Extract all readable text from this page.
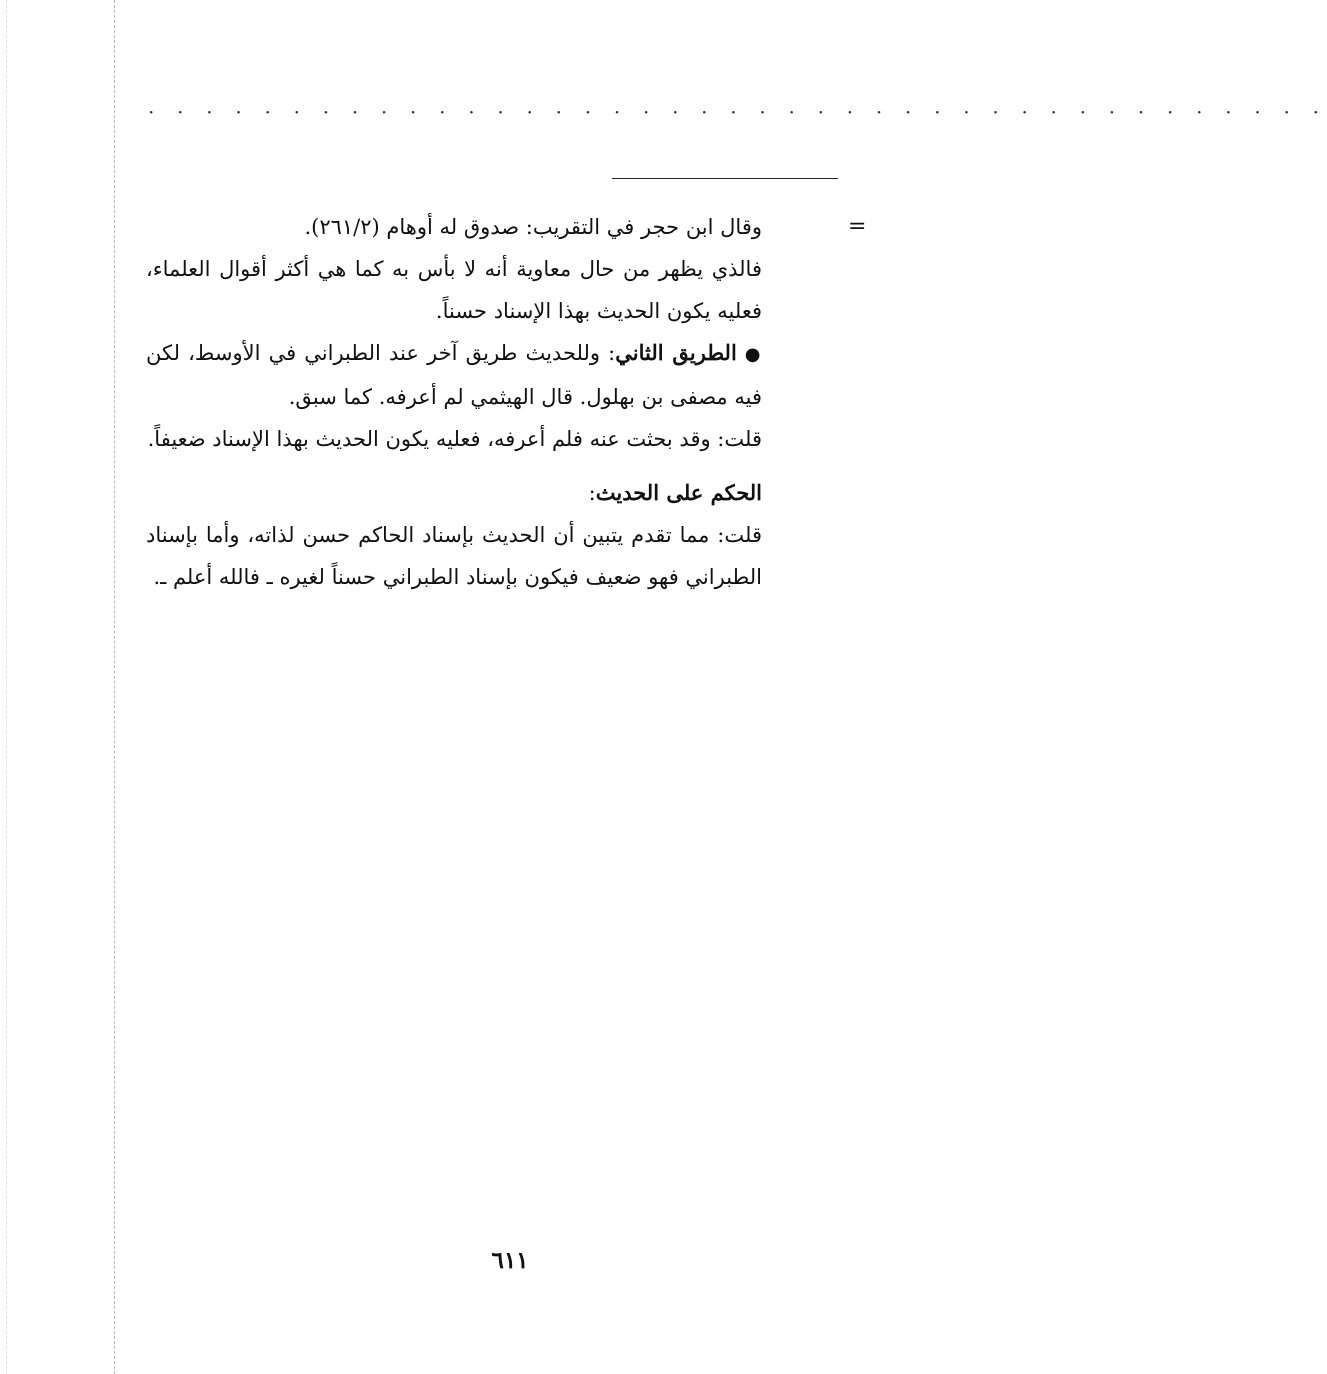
· · · · · · · · · · · · · · · · · · · · · · · · · · · · · · · · · · · · · · · · ·
=

وقال ابن حجر في التقريب: صدوق له أوهام (٢٦١/٢).

فالذي يظهر من حال معاوية أنه لا بأس به كما هي أكثر أقوال العلماء، فعليه يكون الحديث بهذا الإسناد حسناً.

●الطريق الثاني: وللحديث طريق آخر عند الطبراني في الأوسط، لكن فيه مصفى بن بهلول. قال الهيثمي لم أعرفه. كما سبق.

قلت: وقد بحثت عنه فلم أعرفه، فعليه يكون الحديث بهذا الإسناد ضعيفاً.

الحكم على الحديث:

قلت: مما تقدم يتبين أن الحديث بإسناد الحاكم حسن لذاته، وأما بإسناد الطبراني فهو ضعيف فيكون بإسناد الطبراني حسناً لغيره ـ فالله أعلم ـ.

٦١١
